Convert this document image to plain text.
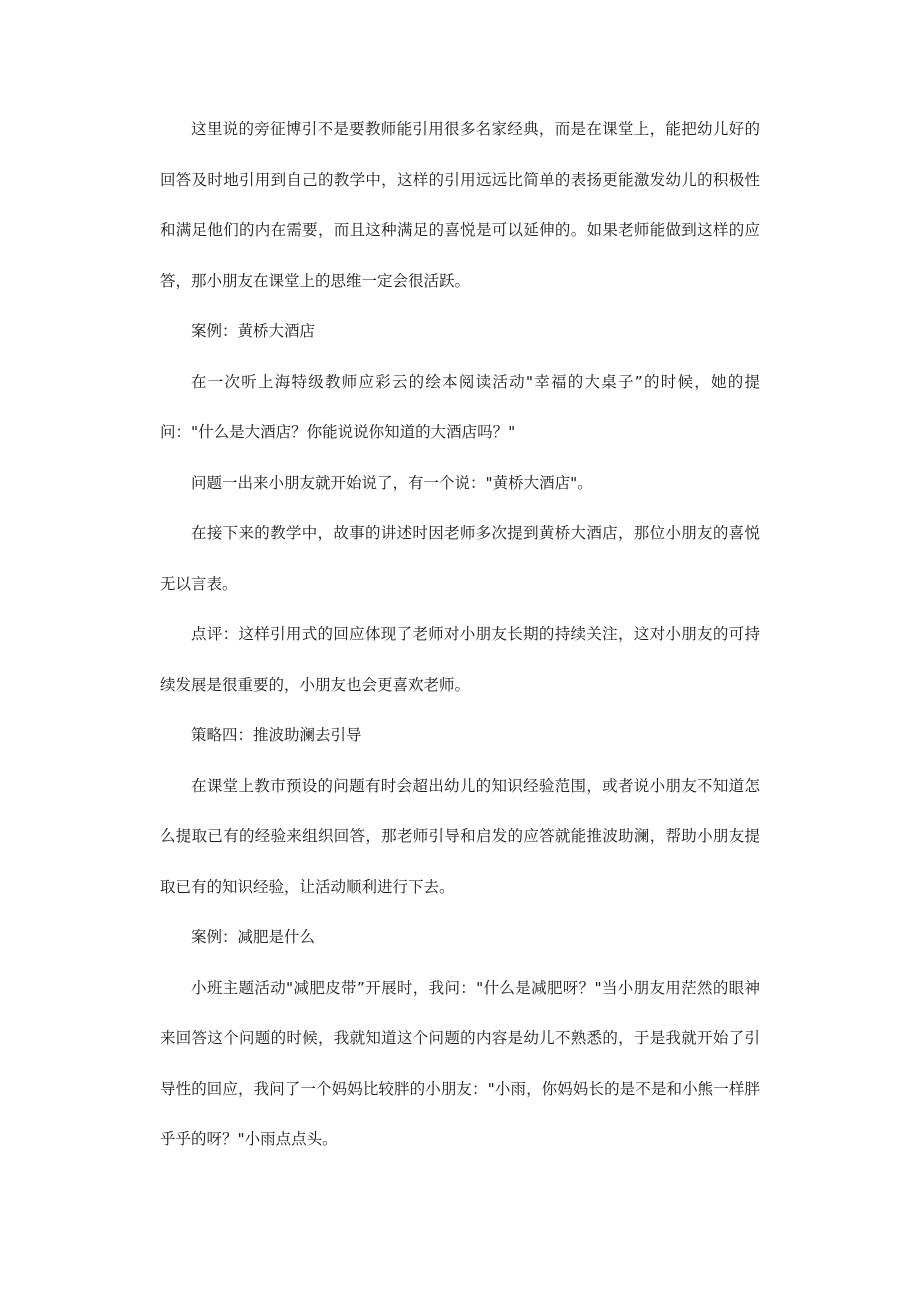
这里说的旁征博引不是要教师能引用很多名家经典，而是在课堂上，能把幼儿好的回答及时地引用到自己的教学中，这样的引用远远比简单的表扬更能激发幼儿的积极性和满足他们的内在需要，而且这种满足的喜悦是可以延伸的。如果老师能做到这样的应答，那小朋友在课堂上的思维一定会很活跃。

案例：黄桥大酒店

在一次听上海特级教师应彩云的绘本阅读活动"幸福的大桌子”的时候，她的提问："什么是大酒店？你能说说你知道的大酒店吗？"

问题一出来小朋友就开始说了，有一个说："黄桥大酒店"。

在接下来的教学中，故事的讲述时因老师多次提到黄桥大酒店，那位小朋友的喜悦无以言表。

点评：这样引用式的回应体现了老师对小朋友长期的持续关注，这对小朋友的可持续发展是很重要的，小朋友也会更喜欢老师。

策略四：推波助澜去引导

在课堂上教巿预设的问题有时会超出幼儿的知识经验范围，或者说小朋友不知道怎么提取已有的经验来组织回答，那老师引导和启发的应答就能推波助澜，帮助小朋友提取已有的知识经验，让活动顺利进行下去。

案例：减肥是什么

小班主题活动"减肥皮带”开展时，我问："什么是减肥呀？"当小朋友用茫然的眼神来回答这个问题的时候，我就知道这个问题的内容是幼儿不熟悉的，于是我就开始了引导性的回应，我问了一个妈妈比较胖的小朋友："小雨，你妈妈长的是不是和小熊一样胖乎乎的呀？"小雨点点头。
